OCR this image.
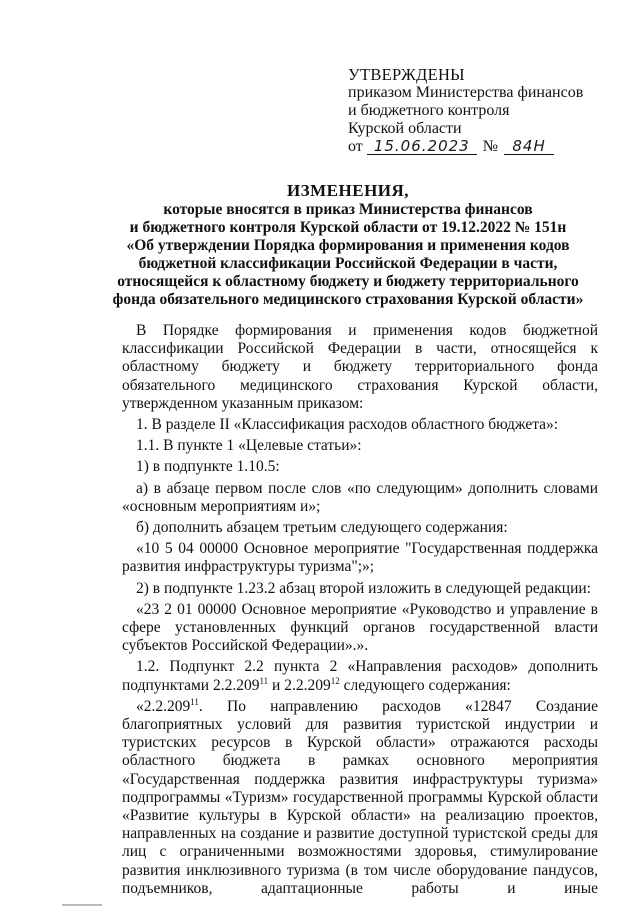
УТВЕРЖДЕНЫ
приказом Министерства финансов
и бюджетного контроля
Курской области
от 15.06.2023 № 84Н
ИЗМЕНЕНИЯ,
которые вносятся в приказ Министерства финансов
и бюджетного контроля Курской области от 19.12.2022 № 151н
«Об утверждении Порядка формирования и применения кодов
бюджетной классификации Российской Федерации в части,
относящейся к областному бюджету и бюджету территориального
фонда обязательного медицинского страхования Курской области»

В Порядке формирования и применения кодов бюджетной классификации Российской Федерации в части, относящейся к областному бюджету и бюджету территориального фонда обязательного медицинского страхования Курской области, утвержденном указанным приказом:

1. В разделе II «Классификация расходов областного бюджета»:

1.1. В пункте 1 «Целевые статьи»:

1) в подпункте 1.10.5:

а) в абзаце первом после слов «по следующим» дополнить словами «основным мероприятиям и»;

б) дополнить абзацем третьим следующего содержания:

«10 5 04 00000 Основное мероприятие "Государственная поддержка развития инфраструктуры туризма";»;

2) в подпункте 1.23.2 абзац второй изложить в следующей редакции:

«23 2 01 00000 Основное мероприятие «Руководство и управление в сфере установленных функций органов государственной власти субъектов Российской Федерации».».

1.2. Подпункт 2.2 пункта 2 «Направления расходов» дополнить подпунктами 2.2.209$^{11}$ и 2.2.209$^{12}$ следующего содержания:

«2.2.209$^{11}$. По направлению расходов «12847 Создание благоприятных условий для развития туристской индустрии и туристских ресурсов в Курской области» отражаются расходы областного бюджета в рамках основного мероприятия «Государственная поддержка развития инфраструктуры туризма» подпрограммы «Туризм» государственной программы Курской области «Развитие культуры в Курской области» на реализацию проектов, направленных на создание и развитие доступной туристской среды для лиц с ограниченными возможностями здоровья, стимулирование развития инклюзивного туризма (в том числе оборудование пандусов, подъемников, адаптационные работы и иные
